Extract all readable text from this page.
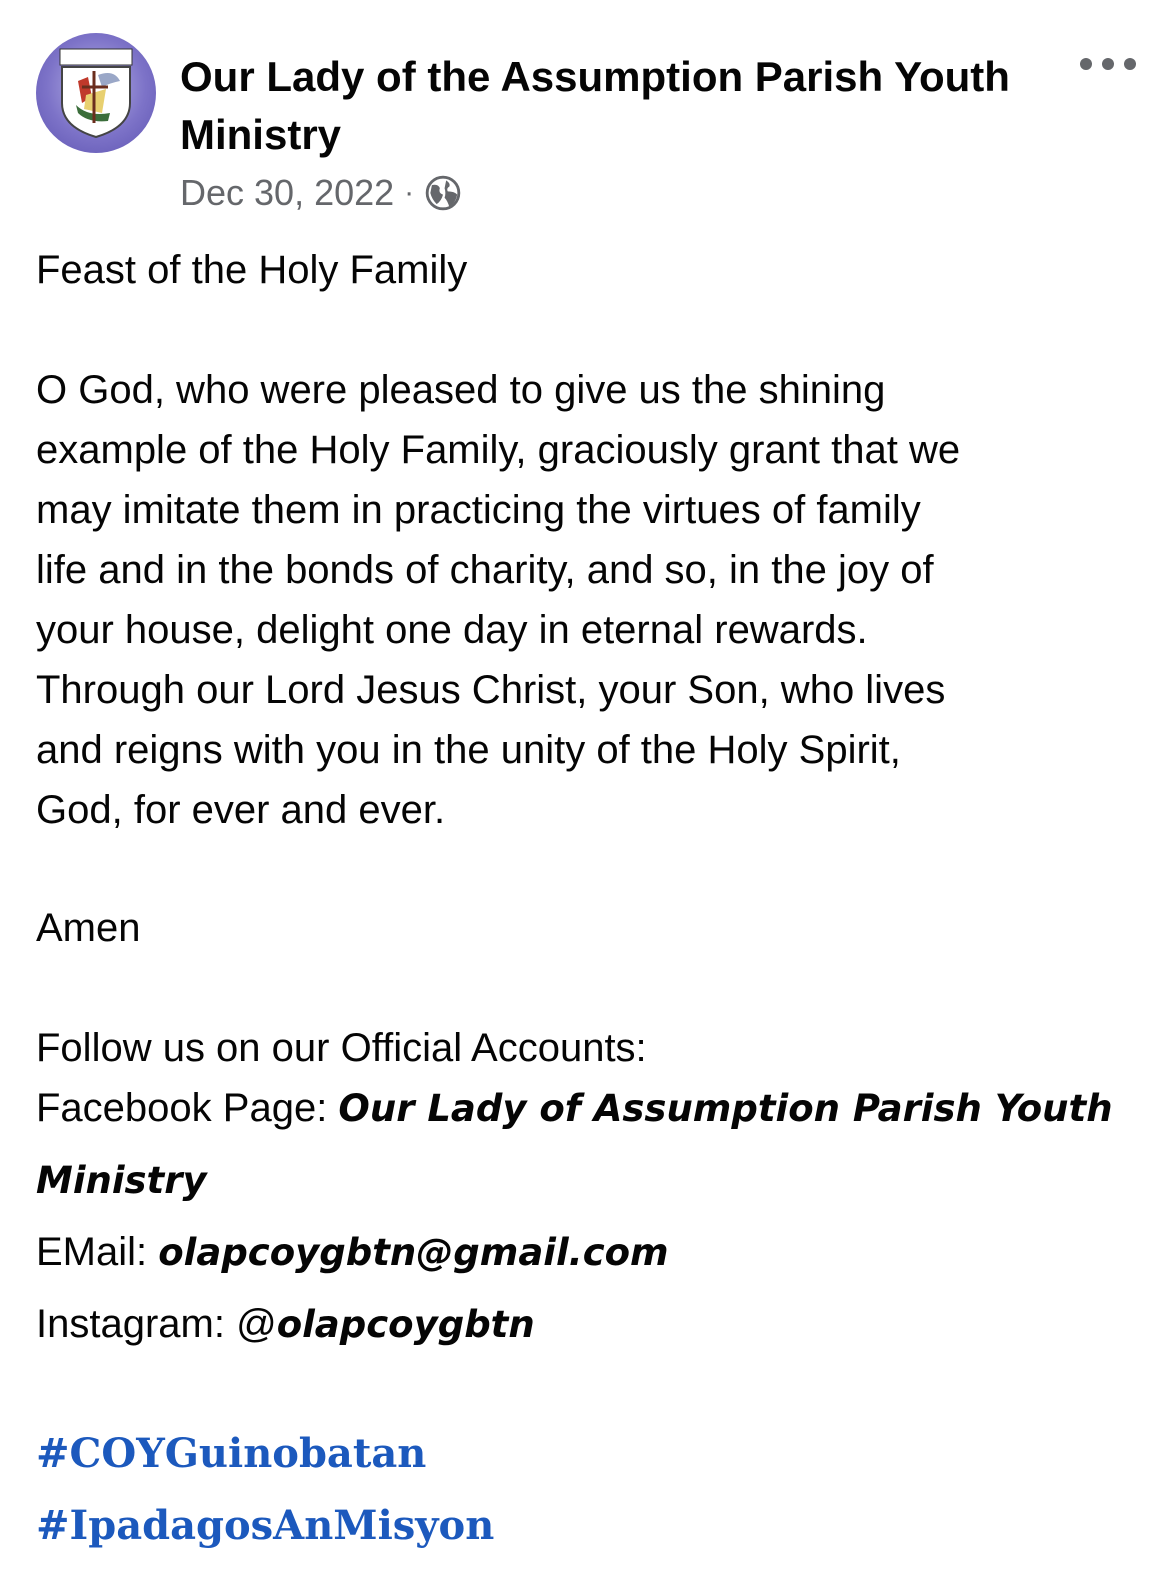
Our Lady of the Assumption Parish Youth Ministry
Dec 30, 2022 ·
Feast of the Holy Family
O God, who were pleased to give us the shining
example of the Holy Family, graciously grant that we
may imitate them in practicing the virtues of family
life and in the bonds of charity, and so, in the joy of
your house, delight one day in eternal rewards.
Through our Lord Jesus Christ, your Son, who lives
and reigns with you in the unity of the Holy Spirit,
God, for ever and ever.
Amen
Follow us on our Official Accounts:
Facebook Page: Our Lady of Assumption Parish Youth
Ministry
EMail: olapcoygbtn@gmail.com
Instagram: @olapcoygbtn
#COYGuinobatan
#IpadagosAnMisyon
